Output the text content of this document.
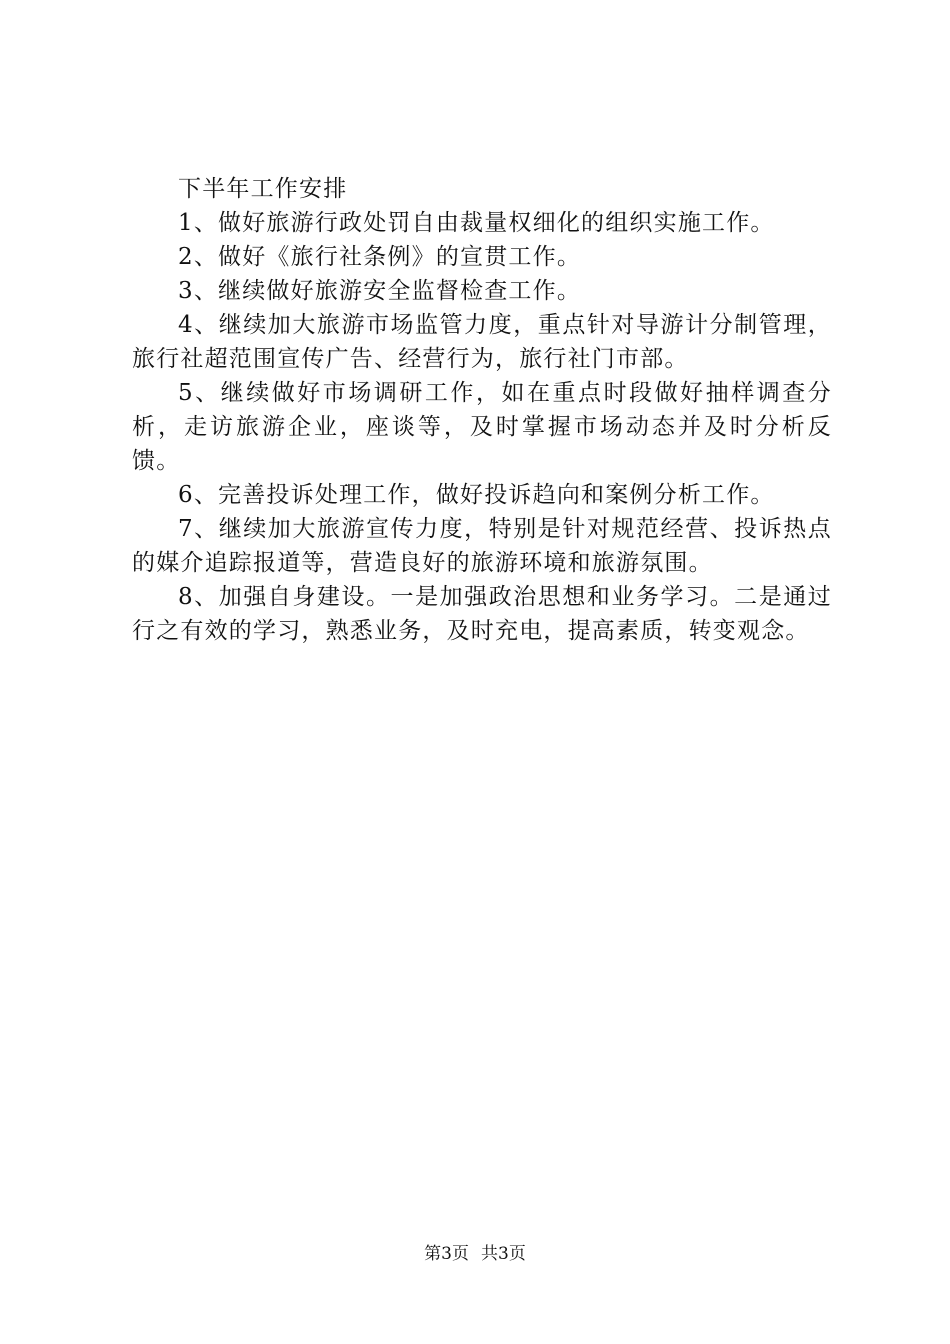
下半年工作安排

1、做好旅游行政处罚自由裁量权细化的组织实施工作。

2、做好《旅行社条例》的宣贯工作。

3、继续做好旅游安全监督检查工作。

4、继续加大旅游市场监管力度，重点针对导游计分制管理，旅行社超范围宣传广告、经营行为，旅行社门市部。

5、继续做好市场调研工作，如在重点时段做好抽样调查分析，走访旅游企业，座谈等，及时掌握市场动态并及时分析反馈。

6、完善投诉处理工作，做好投诉趋向和案例分析工作。

7、继续加大旅游宣传力度，特别是针对规范经营、投诉热点的媒介追踪报道等，营造良好的旅游环境和旅游氛围。

8、加强自身建设。一是加强政治思想和业务学习。二是通过行之有效的学习，熟悉业务，及时充电，提高素质，转变观念。

第3页 共3页
